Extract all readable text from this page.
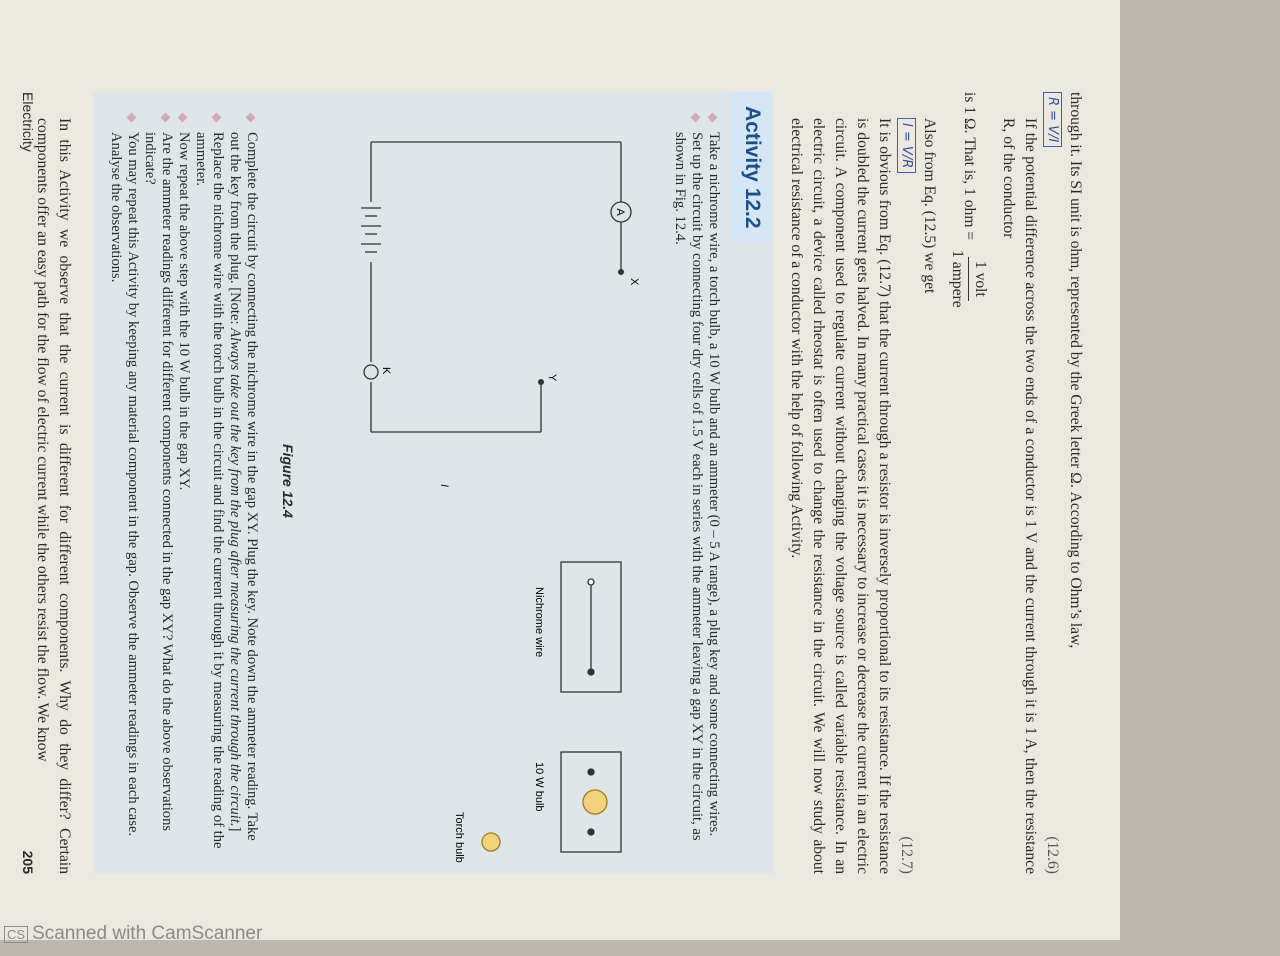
through it. Its SI unit is ohm, represented by the Greek letter Ω. According to Ohm’s law,

R = V/I
(12.6)

If the potential difference across the two ends of a conductor is 1 V and the current through it is 1 A, then the resistance R, of the conductor

is 1 Ω. That is, 1 ohm =
1 volt
1 ampere

Also from Eq. (12.5) we get

I = V/R
(12.7)

It is obvious from Eq. (12.7) that the current through a resistor is inversely proportional to its resistance. If the resistance is doubled the current gets halved. In many practical cases it is necessary to increase or decrease the current in an electric circuit. A component used to regulate current without changing the voltage source is called variable resistance. In an electric circuit, a device called rheostat is often used to change the resistance in the circuit. We will now study about electrical resistance of a conductor with the help of following Activity.

Activity 12.2
Take a nichrome wire, a torch bulb, a 10 W bulb and an ammeter (0 – 5 A range), a plug key and some connecting wires.
Set up the circuit by connecting four dry cells of 1.5 V each in series with the ammeter leaving a gap XY in the circuit, as shown in Fig. 12.4.
A
X
Y
K
I
Nichrome wire
10 W bulb
Torch bulb
Figure 12.4
Complete the circuit by connecting the nichrome wire in the gap XY. Plug the key. Note down the ammeter reading. Take out the key from the plug. [Note: Always take out the key from the plug after measuring the current through the circuit.]
Replace the nichrome wire with the torch bulb in the circuit and find the current through it by measuring the reading of the ammeter.
Now repeat the above step with the 10 W bulb in the gap XY.
Are the ammeter readings different for different components connected in the gap XY? What do the above observations indicate?
You may repeat this Activity by keeping any material component in the gap. Observe the ammeter readings in each case. Analyse the observations.

In this Activity we observe that the current is different for different components. Why do they differ? Certain components offer an easy path for the flow of electric current while the others resist the flow. We know

Electricity
205
CS Scanned with CamScanner
